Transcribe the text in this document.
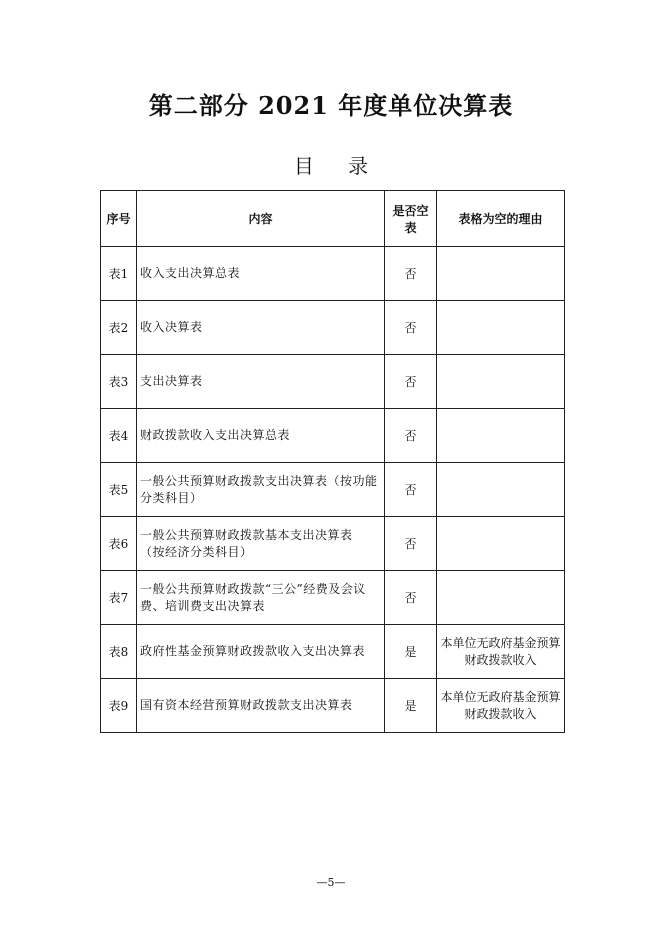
第二部分 2021 年度单位决算表
目 录
序号	内容	是否空表	表格为空的理由
表1	收入支出决算总表	否	
表2	收入决算表	否	
表3	支出决算表	否	
表4	财政拨款收入支出决算总表	否	
表5	一般公共预算财政拨款支出决算表（按功能分类科目）	否	
表6	一般公共预算财政拨款基本支出决算表 （按经济分类科目）	否	
表7	一般公共预算财政拨款“三公”经费及会议费、培训费支出决算表	否	
表8	政府性基金预算财政拨款收入支出决算表	是	本单位无政府基金预算财政拨款收入
表9	国有资本经营预算财政拨款支出决算表	是	本单位无政府基金预算财政拨款收入
—5—
